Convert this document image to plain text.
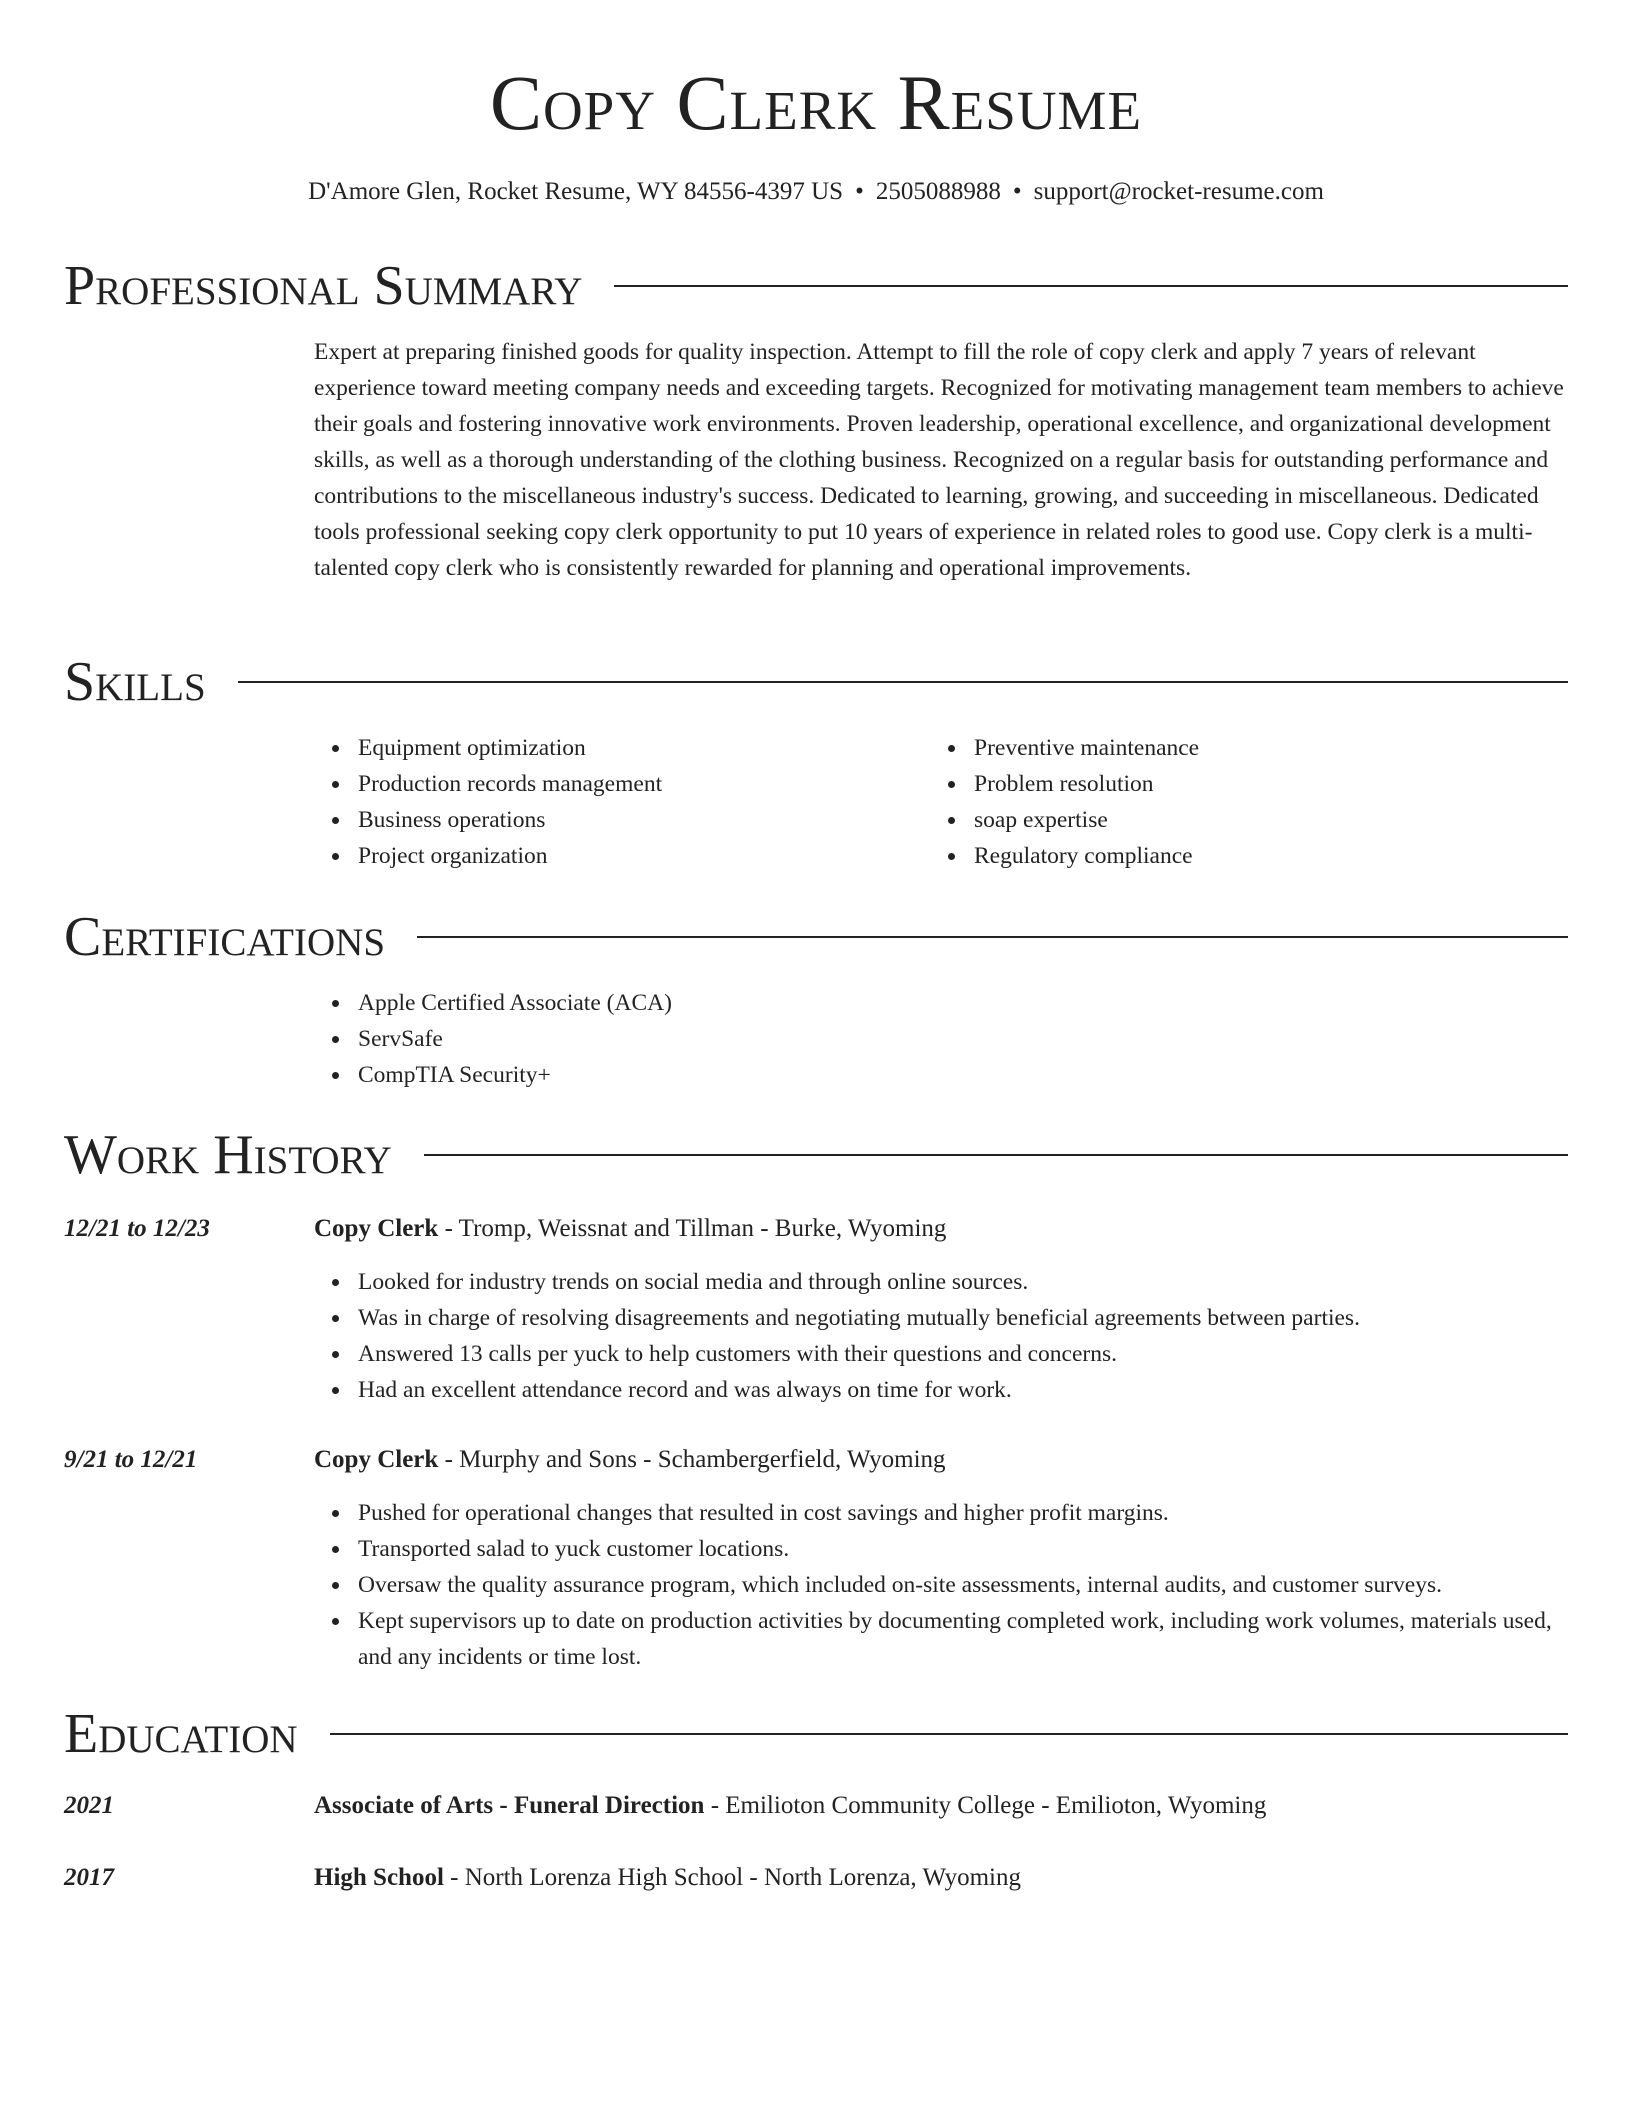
Copy Clerk Resume
D'Amore Glen, Rocket Resume, WY 84556-4397 US • 2505088988 • support@rocket-resume.com
Professional Summary

Expert at preparing finished goods for quality inspection. Attempt to fill the role of copy clerk and apply 7 years of relevant experience toward meeting company needs and exceeding targets. Recognized for motivating management team members to achieve their goals and fostering innovative work environments. Proven leadership, operational excellence, and organizational development skills, as well as a thorough understanding of the clothing business. Recognized on a regular basis for outstanding performance and contributions to the miscellaneous industry's success. Dedicated to learning, growing, and succeeding in miscellaneous. Dedicated tools professional seeking copy clerk opportunity to put 10 years of experience in related roles to good use. Copy clerk is a multi-talented copy clerk who is consistently rewarded for planning and operational improvements.

Skills
Equipment optimization
Production records management
Business operations
Project organization
Preventive maintenance
Problem resolution
soap expertise
Regulatory compliance
Certifications
Apple Certified Associate (ACA)
ServSafe
CompTIA Security+
Work History
12/21 to 12/23	Copy Clerk - Tromp, Weissnat and Tillman - Burke, Wyoming
Looked for industry trends on social media and through online sources.
Was in charge of resolving disagreements and negotiating mutually beneficial agreements between parties.
Answered 13 calls per yuck to help customers with their questions and concerns.
Had an excellent attendance record and was always on time for work.
9/21 to 12/21	Copy Clerk - Murphy and Sons - Schambergerfield, Wyoming
Pushed for operational changes that resulted in cost savings and higher profit margins.
Transported salad to yuck customer locations.
Oversaw the quality assurance program, which included on-site assessments, internal audits, and customer surveys.
Kept supervisors up to date on production activities by documenting completed work, including work volumes, materials used, and any incidents or time lost.
Education
2021	Associate of Arts - Funeral Direction - Emilioton Community College - Emilioton, Wyoming
2017	High School - North Lorenza High School - North Lorenza, Wyoming
